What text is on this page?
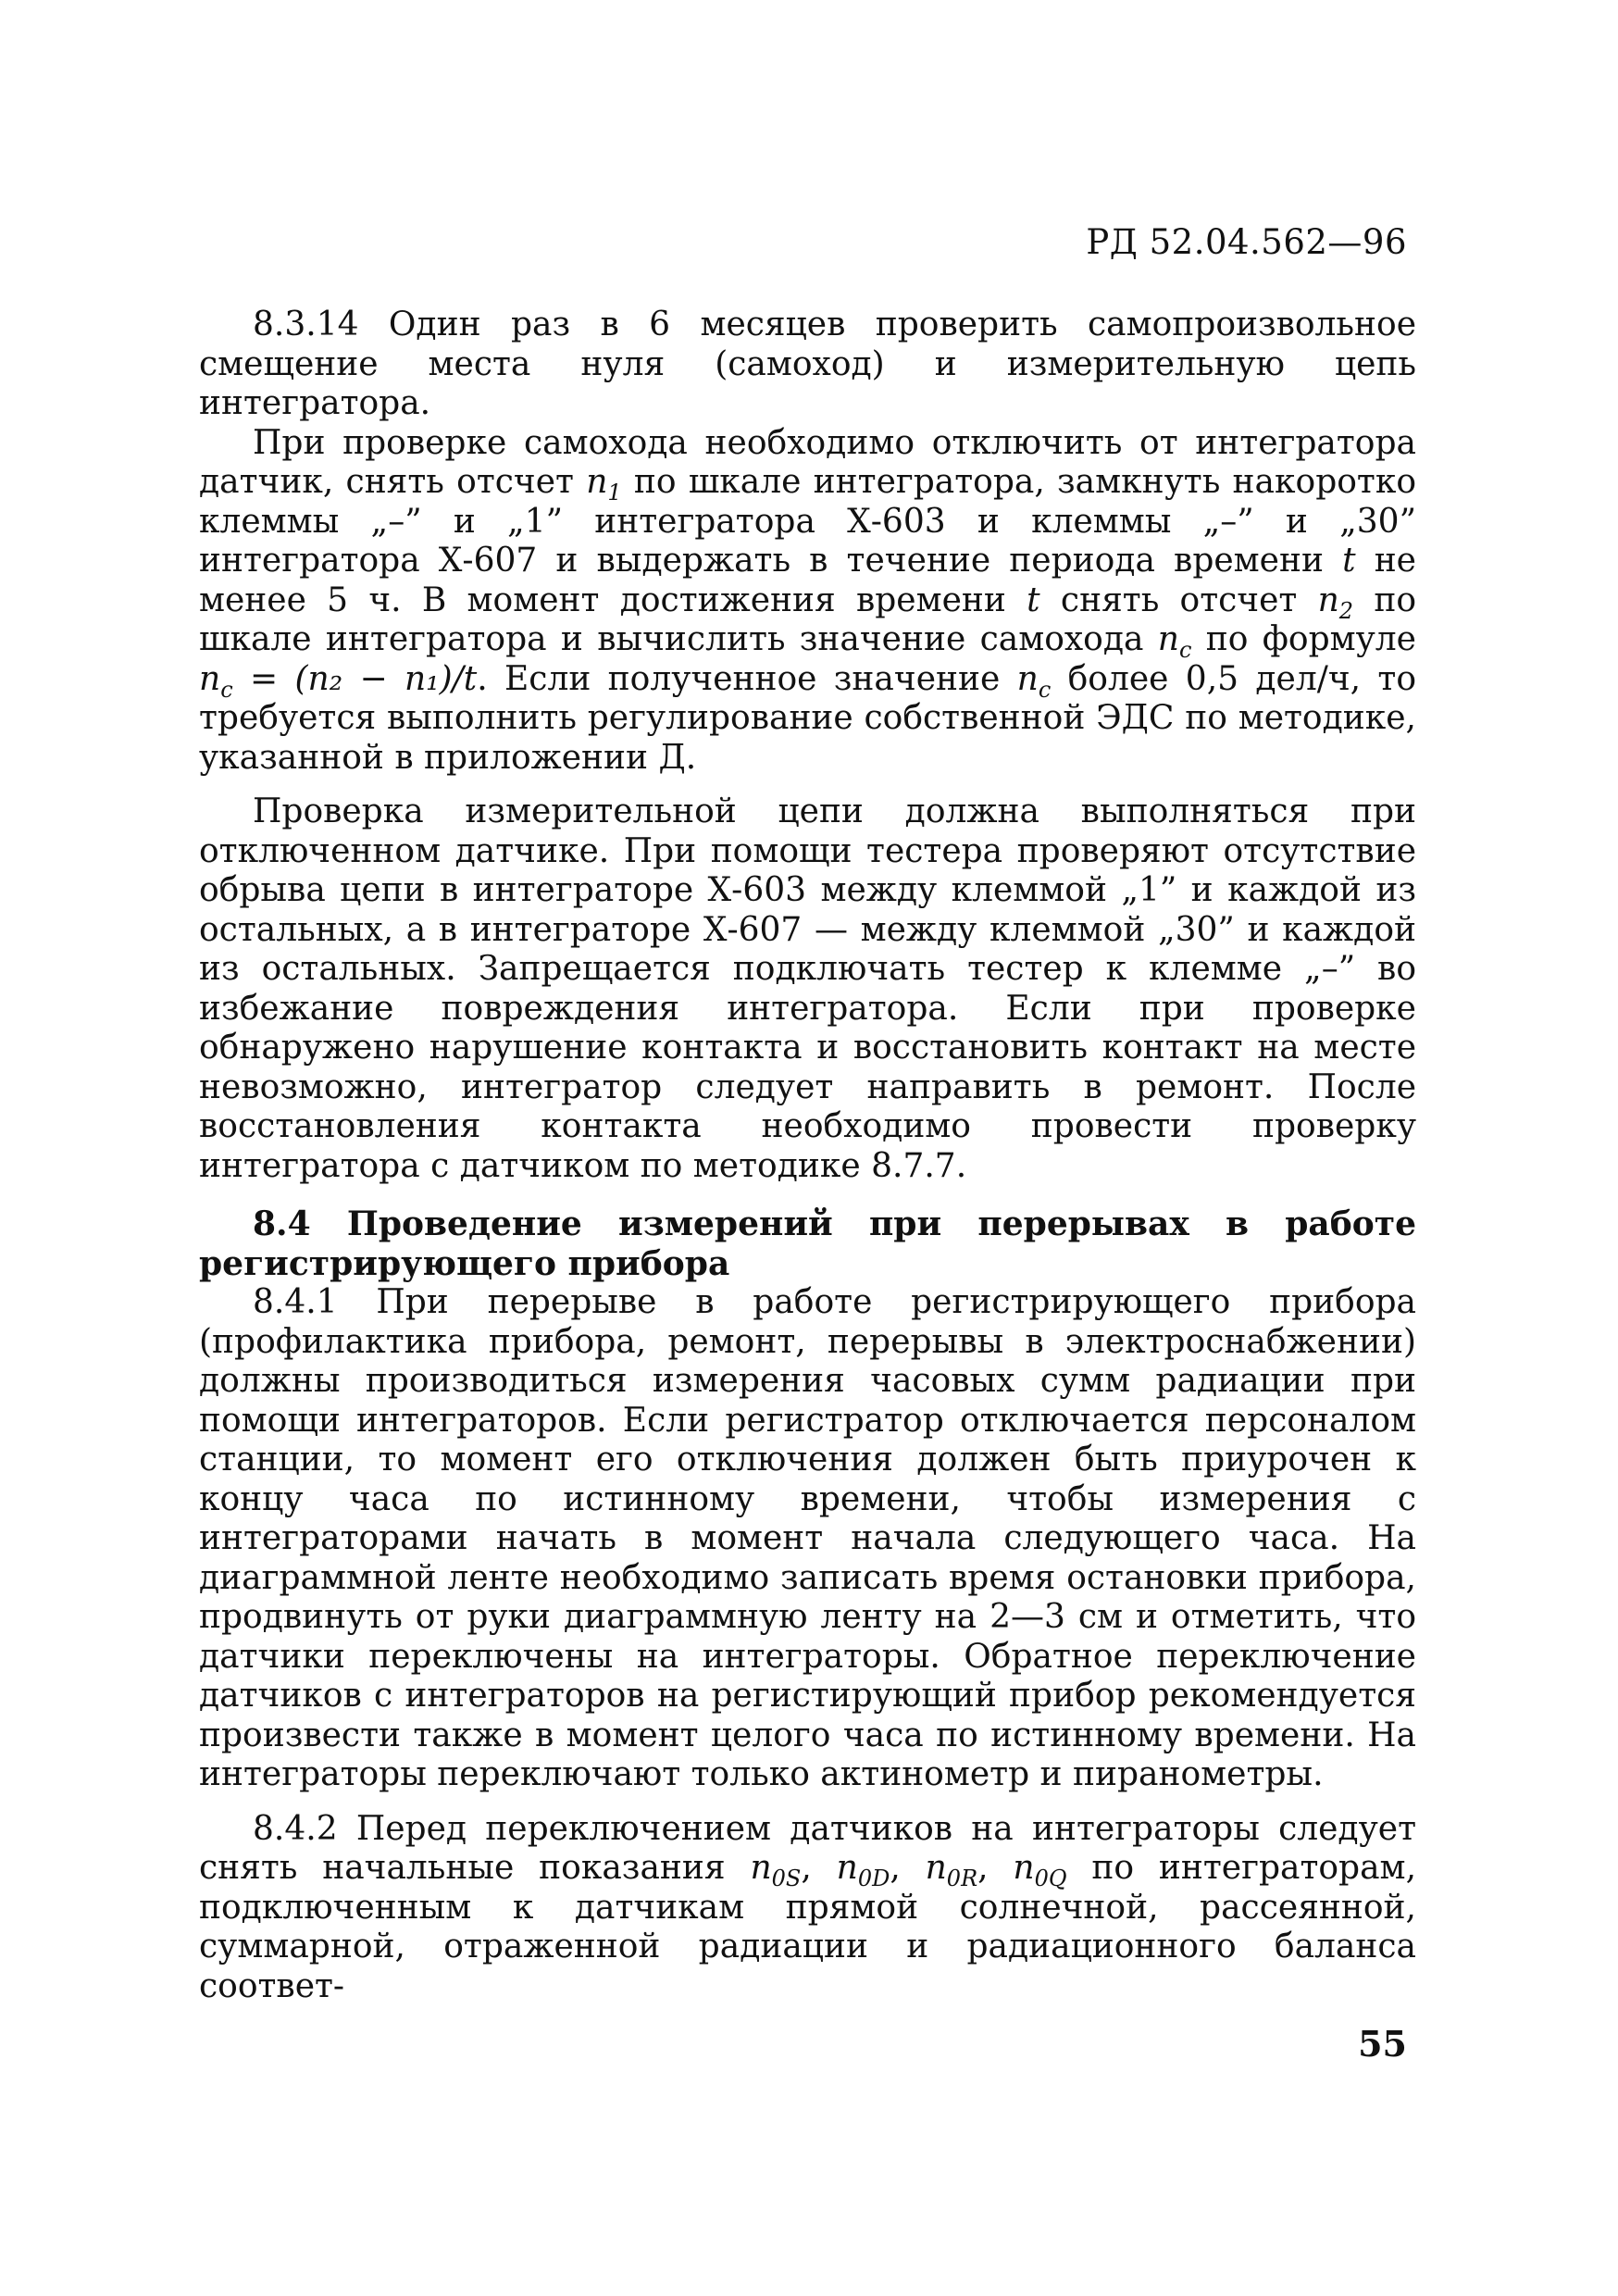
РД 52.04.562—96

8.3.14 Один раз в 6 месяцев проверить самопроизвольное смещение места нуля (самоход) и измерительную цепь интегратора.

При проверке самохода необходимо отключить от интегратора датчик, снять отсчет $n_1$ по шкале интегратора, замкнуть накоротко клеммы „–” и „1” интегратора Х-603 и клеммы „–” и „30” интегратора Х-607 и выдержать в течение периода времени t не менее 5 ч. В момент достижения времени t снять отсчет $n_2$ по шкале интегратора и вычислить значение самохода $n_c$ по формуле $n_c = (n_2 - n_1)/t$. Если полученное значение $n_c$ более 0,5 дел/ч, то требуется выполнить регулирование собственной ЭДС по методике, указанной в приложении Д.

Проверка измерительной цепи должна выполняться при отключенном датчике. При помощи тестера проверяют отсутствие обрыва цепи в интеграторе Х-603 между клеммой „1” и каждой из остальных, а в интеграторе Х-607 — между клеммой „30” и каждой из остальных. Запрещается подключать тестер к клемме „–” во избежание повреждения интегратора. Если при проверке обнаружено нарушение контакта и восстановить контакт на месте невозможно, интегратор следует направить в ремонт. После восстановления контакта необходимо провести проверку интегратора с датчиком по методике 8.7.7.

8.4 Проведение измерений при перерывах в работе регистрирующего прибора

8.4.1 При перерыве в работе регистрирующего прибора (профилактика прибора, ремонт, перерывы в электроснабжении) должны производиться измерения часовых сумм радиации при помощи интеграторов. Если регистратор отключается персоналом станции, то момент его отключения должен быть приурочен к концу часа по истинному времени, чтобы измерения с интеграторами начать в момент начала следующего часа. На диаграммной ленте необходимо записать время остановки прибора, продвинуть от руки диаграммную ленту на 2—3 см и отметить, что датчики переключены на интеграторы. Обратное переключение датчиков с интеграторов на регистирующий прибор рекомендуется произвести также в момент целого часа по истинному времени. На интеграторы переключают только актинометр и пиранометры.

8.4.2 Перед переключением датчиков на интеграторы следует снять начальные показания $n_{0S}$, $n_{0D}$, $n_{0R}$, $n_{0Q}$ по интеграторам, подключенным к датчикам прямой солнечной, рассеянной, суммарной, отраженной радиации и радиационного баланса соответ-

55
